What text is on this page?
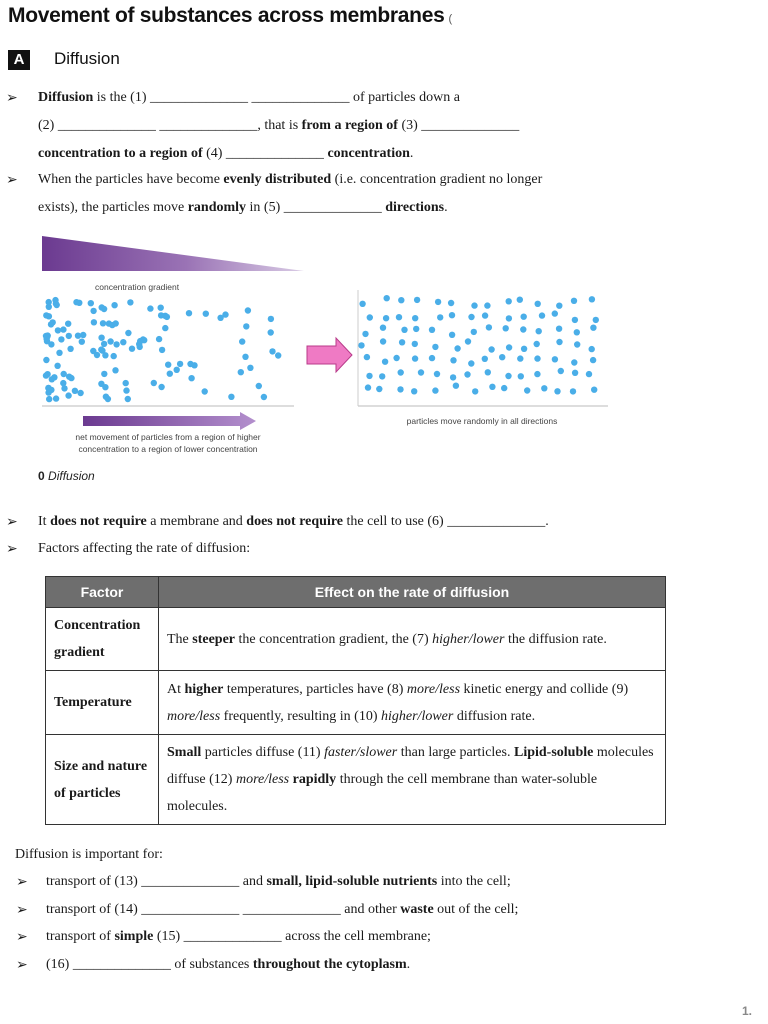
Movement of substances across membranes (
A	Diffusion
➢ Diffusion is the (1) ______________ ______________ of particles down a
(2) ______________ ______________, that is from a region of (3) ______________
concentration to a region of (4) ______________ concentration.
➢ When the particles have become evenly distributed (i.e. concentration gradient no longer
exists), the particles move randomly in (5) ______________ directions.
concentration gradient
net movement of particles from a region of higher
concentration to a region of lower concentration
particles move randomly in all directions
0 Diffusion
➢ It does not require a membrane and does not require the cell to use (6) ______________.
➢ Factors affecting the rate of diffusion:
Factor	Effect on the rate of diffusion
Concentration gradient	The steeper the concentration gradient, the (7) higher/lower the diffusion rate.
Temperature	At higher temperatures, particles have (8) more/less kinetic energy and collide (9) more/less frequently, resulting in (10) higher/lower diffusion rate.
Size and nature of particles	Small particles diffuse (11) faster/slower than large particles. Lipid-soluble molecules diffuse (12) more/less rapidly through the cell membrane than water-soluble molecules.
Diffusion is important for:
➢ transport of (13) ______________ and small, lipid-soluble nutrients into the cell;
➢ transport of (14) ______________ ______________ and other waste out of the cell;
➢ transport of simple (15) ______________ across the cell membrane;
➢ (16) ______________ of substances throughout the cytoplasm.
1.
